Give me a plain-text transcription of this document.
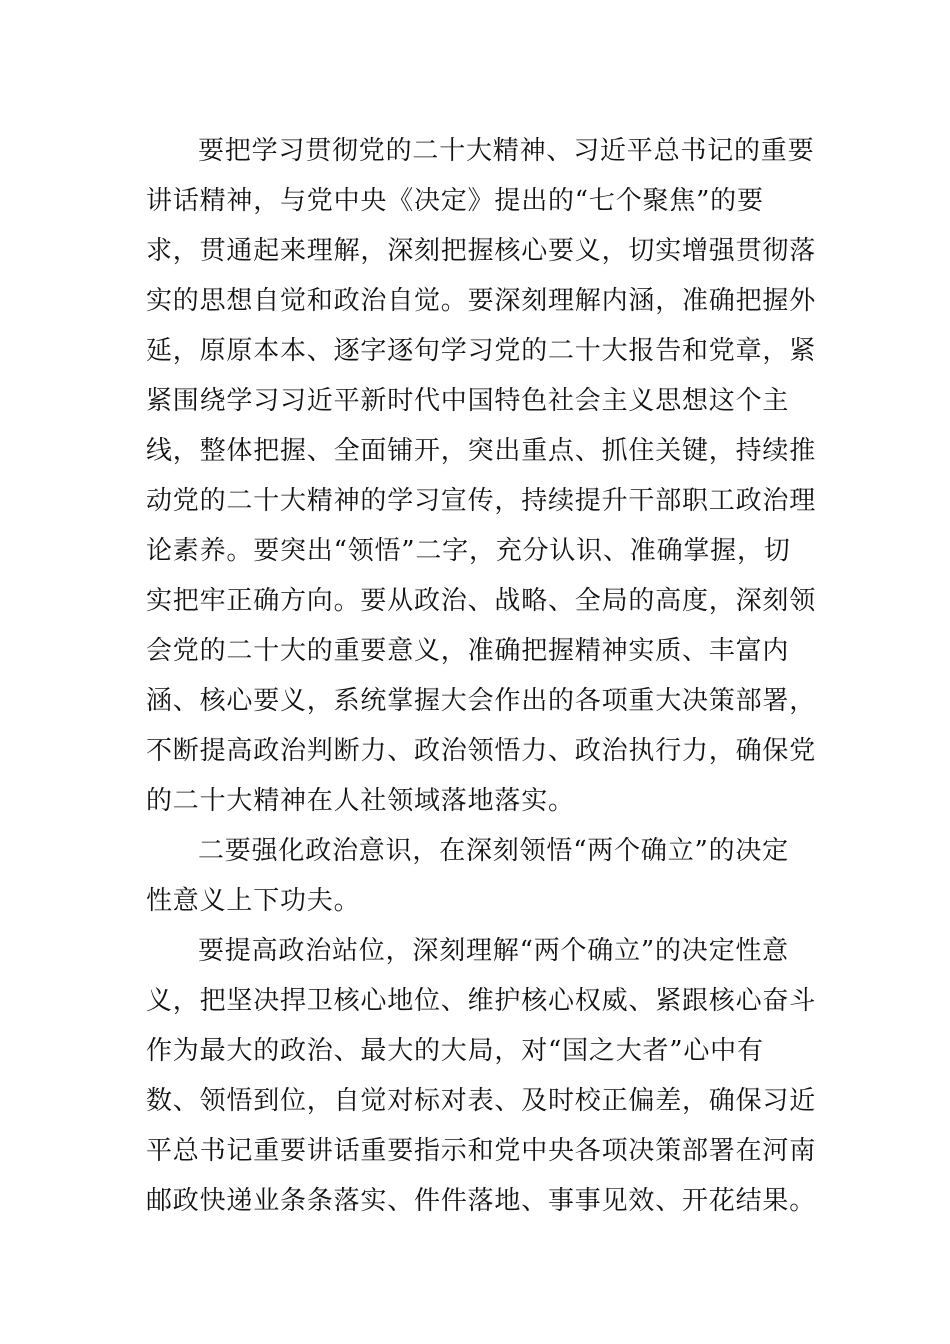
要把学习贯彻党的二十大精神、习近平总书记的重要
讲话精神，与党中央《决定》提出的“七个聚焦”的要
求，贯通起来理解，深刻把握核心要义，切实增强贯彻落
实的思想自觉和政治自觉。要深刻理解内涵，准确把握外
延，原原本本、逐字逐句学习党的二十大报告和党章，紧
紧围绕学习习近平新时代中国特色社会主义思想这个主
线，整体把握、全面铺开，突出重点、抓住关键，持续推
动党的二十大精神的学习宣传，持续提升干部职工政治理
论素养。要突出“领悟”二字，充分认识、准确掌握，切
实把牢正确方向。要从政治、战略、全局的高度，深刻领
会党的二十大的重要意义，准确把握精神实质、丰富内
涵、核心要义，系统掌握大会作出的各项重大决策部署，
不断提高政治判断力、政治领悟力、政治执行力，确保党
的二十大精神在人社领域落地落实。
二要强化政治意识，在深刻领悟“两个确立”的决定
性意义上下功夫。
要提高政治站位，深刻理解“两个确立”的决定性意
义，把坚决捍卫核心地位、维护核心权威、紧跟核心奋斗
作为最大的政治、最大的大局，对“国之大者”心中有
数、领悟到位，自觉对标对表、及时校正偏差，确保习近
平总书记重要讲话重要指示和党中央各项决策部署在河南
邮政快递业条条落实、件件落地、事事见效、开花结果。
